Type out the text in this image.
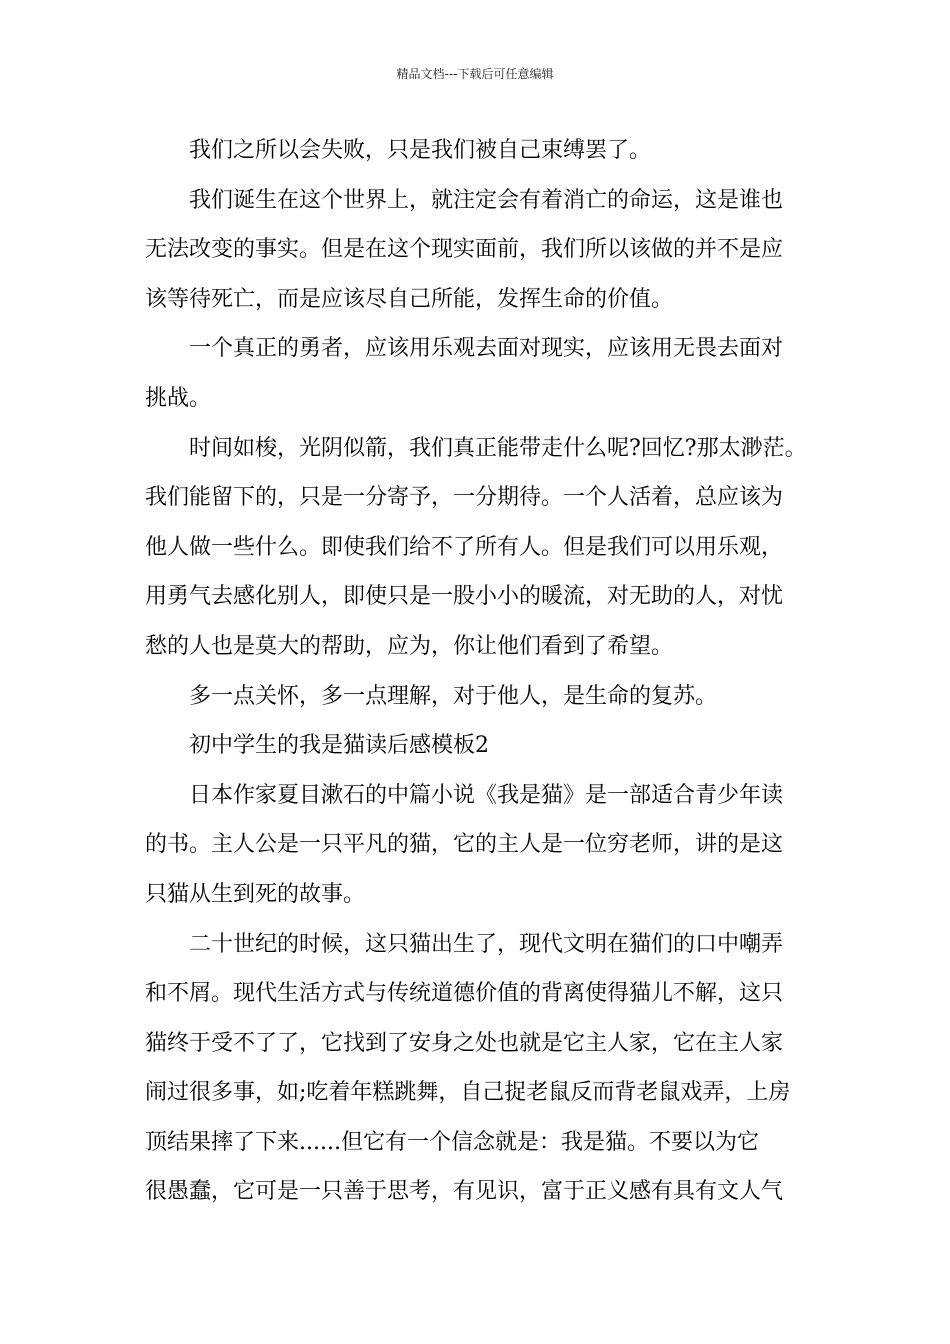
精品文档---下载后可任意编辑

我们之所以会失败，只是我们被自己束缚罢了。

我们诞生在这个世界上，就注定会有着消亡的命运，这是谁也
无法改变的事实。但是在这个现实面前，我们所以该做的并不是应
该等待死亡，而是应该尽自己所能，发挥生命的价值。

一个真正的勇者，应该用乐观去面对现实，应该用无畏去面对
挑战。

时间如梭，光阴似箭，我们真正能带走什么呢?回忆?那太渺茫。
我们能留下的，只是一分寄予，一分期待。一个人活着，总应该为
他人做一些什么。即使我们给不了所有人。但是我们可以用乐观，
用勇气去感化别人，即使只是一股小小的暖流，对无助的人，对忧
愁的人也是莫大的帮助，应为，你让他们看到了希望。

多一点关怀，多一点理解，对于他人，是生命的复苏。

初中学生的我是猫读后感模板2

日本作家夏目漱石的中篇小说《我是猫》是一部适合青少年读
的书。主人公是一只平凡的猫，它的主人是一位穷老师，讲的是这
只猫从生到死的故事。

二十世纪的时候，这只猫出生了，现代文明在猫们的口中嘲弄
和不屑。现代生活方式与传统道德价值的背离使得猫儿不解，这只
猫终于受不了了，它找到了安身之处也就是它主人家，它在主人家
闹过很多事，如;吃着年糕跳舞，自己捉老鼠反而背老鼠戏弄，上房
顶结果摔了下来......但它有一个信念就是：我是猫。不要以为它
很愚蠢，它可是一只善于思考，有见识，富于正义感有具有文人气
